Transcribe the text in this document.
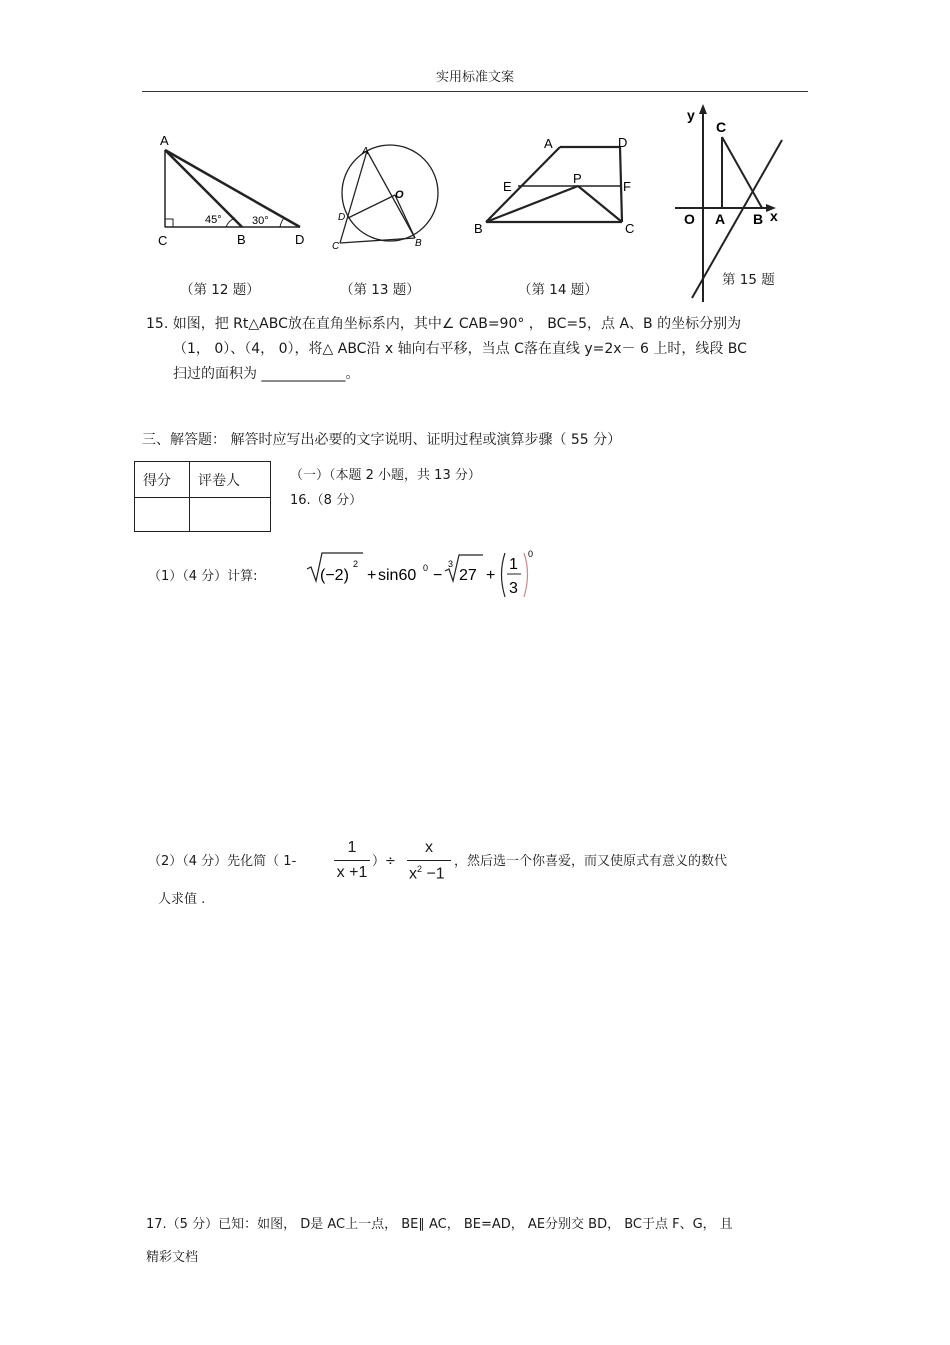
实用标准文案
A
C	B	D
45°	30°
（第 12 题）
A
O
D
C	B
（第 13 题）
A	D
E
P
F
B	C
（第 14 题）
y
C
O A B x
第 15 题
15. 如图，把 Rt△ABC放在直角坐标系内，其中∠ CAB=90° ， BC=5，点 A、B 的坐标分别为
（1， 0）、（4， 0），将△ ABC沿 x 轴向右平移，当点 C落在直线 y=2x－ 6 上时，线段 BC
扫过的面积为 ____________。
三、解答题： 解答时应写出必要的文字说明、证明过程或演算步骤（ 55 分）
得分	评卷人
		（一）（本题 2 小题，共 13 分）
16.（8 分）
（1）（4 分）计算:	(−2)
2
+ sin60 0 −
3
27 +
1
3
0
（2）（4 分）先化简（ 1-
1
x +1
）÷
x
$x^2 -1$
，然后选一个你喜爱，而又使原式有意义的数代
人求值 .
17.（5 分）已知：如图， D是 AC上一点， BE∥ AC， BE=AD， AE分别交 BD， BC于点 F、G， 且
精彩文档
